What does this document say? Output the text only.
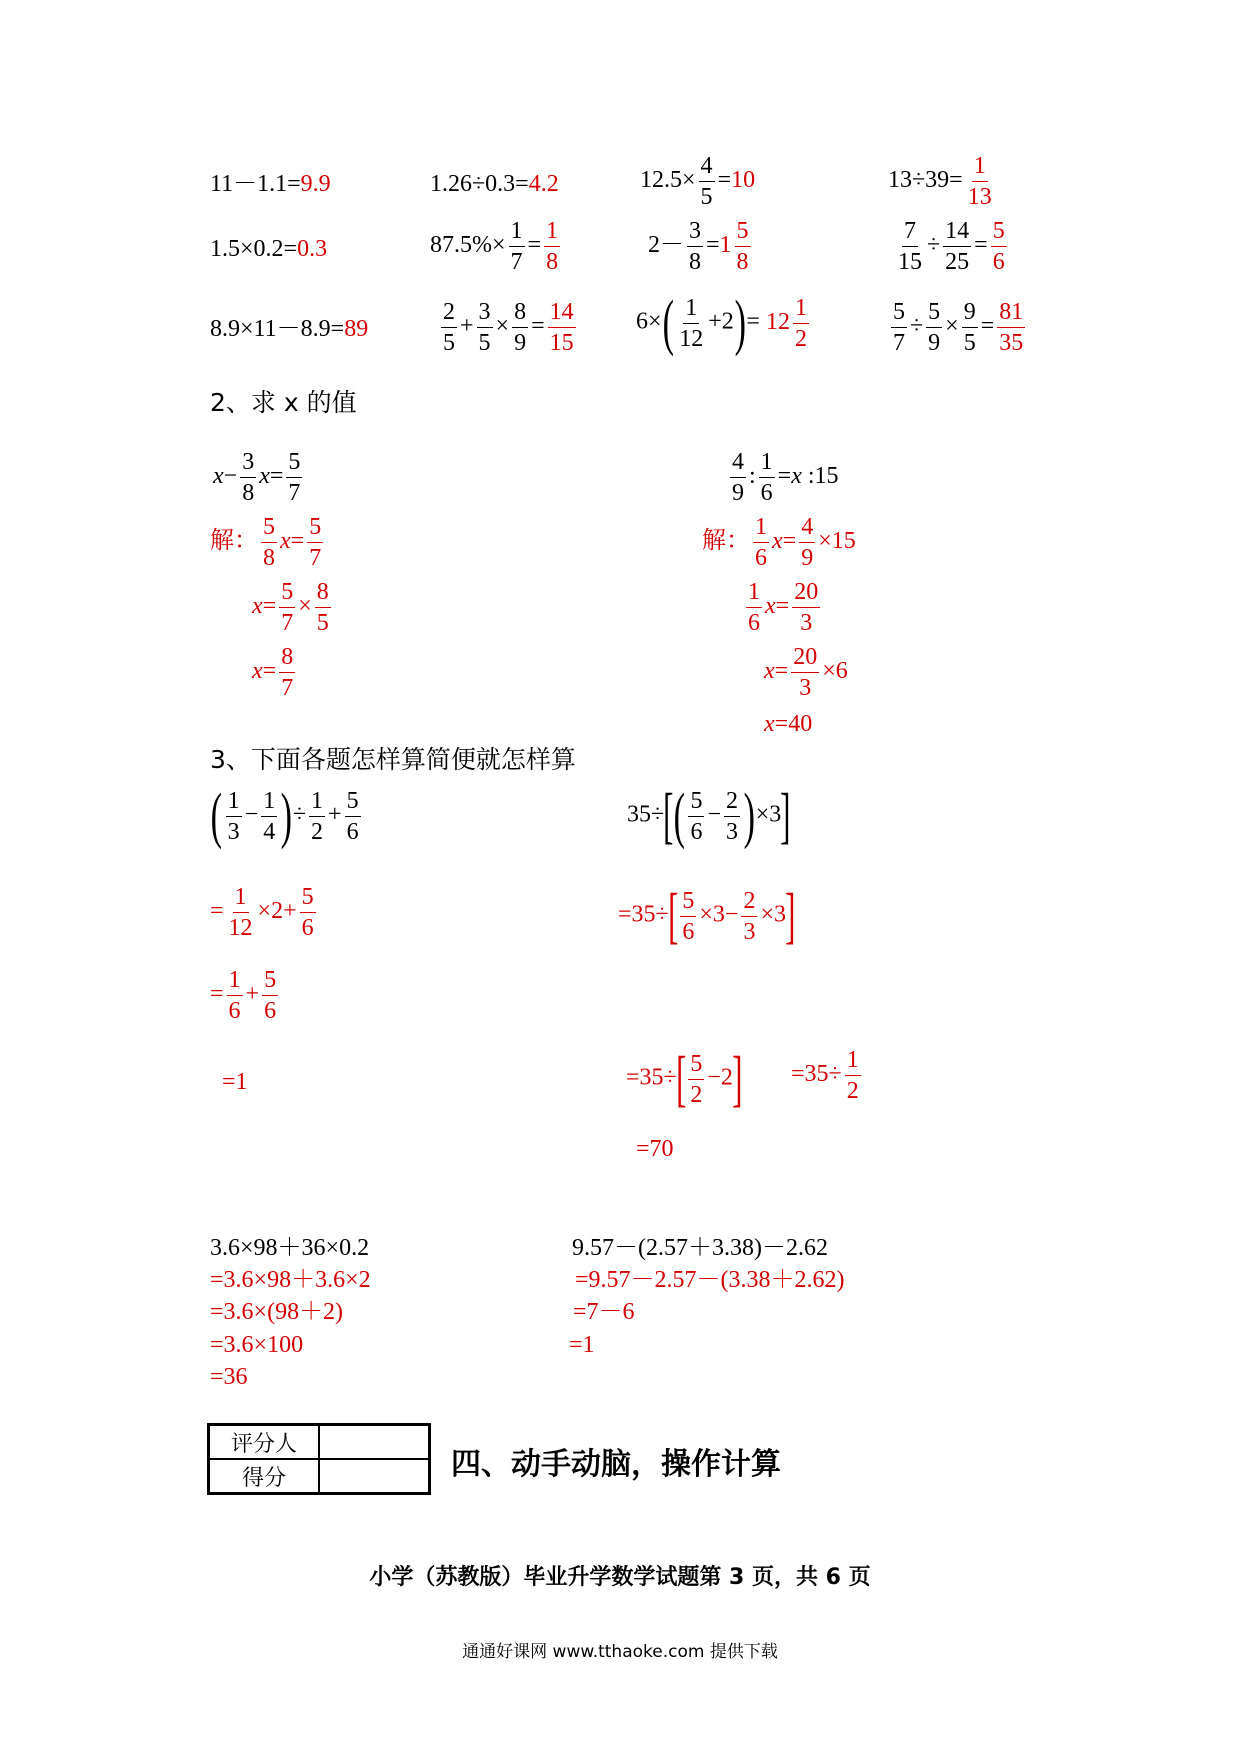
11－1.1=9.9	1.26÷0.3=4.2	$12.5\times \frac{4}{5} =10$	$13\div 39= \frac{1}{13}$
1.5×0.2=0.3	$87.5\%\times \frac{1}{7} = \frac{1}{8}$	$2- \frac{3}{8} =1 \frac{5}{8}$	$\frac{7}{15} \div \frac{14}{25} = \frac{5}{6}$
8.9×11－8.9=89	$\frac{2}{5} + \frac{3}{5} \times \frac{8}{9} = \frac{14}{15}$	$6\times( \frac{1}{12} +2)= 12 \frac{1}{2}$	$\frac{5}{7} \div \frac{5}{9} \times \frac{9}{5} = \frac{81}{35}$
2、求 x 的值
$x- \frac{3}{8} x= \frac{5}{7}$
解： $\frac{5}{8} x= \frac{5}{7}$
$x= \frac{5}{7} \times \frac{8}{5}$
$x= \frac{8}{7}$
$\frac{4}{9}$ : $\frac{1}{6} =x$ :15
解： $\frac{1}{6} x= \frac{4}{9} \times 15$
$\frac{1}{6} x= \frac{20}{3}$
$x= \frac{20}{3} \times 6$
x=40
3、下面各题怎样算简便就怎样算
( $\frac{1}{3} - \frac{1}{4}$ )÷ $\frac{1}{2} + \frac{5}{6}$
= $\frac{1}{12} \times 2+ \frac{5}{6}$
= $\frac{1}{6} + \frac{5}{6}$
=1
$35\div[( \frac{5}{6} - \frac{2}{3} )\times 3]$
$=35\div[ \frac{5}{6} \times 3- \frac{2}{3} \times 3]$
$=35\div[ \frac{5}{2} -2] =35\div \frac{1}{2}$
=70
3.6×98＋36×0.2
=3.6×98＋3.6×2
=3.6×(98＋2)
=3.6×100
=36
9.57－(2.57＋3.38)－2.62
=9.57－2.57－(3.38＋2.62)
=7－6
=1
评分人	
得分		四、动手动脑，操作计算
小学（苏教版）毕业升学数学试题第 3 页，共 6 页
通通好课网 www.tthaoke.com 提供下载
